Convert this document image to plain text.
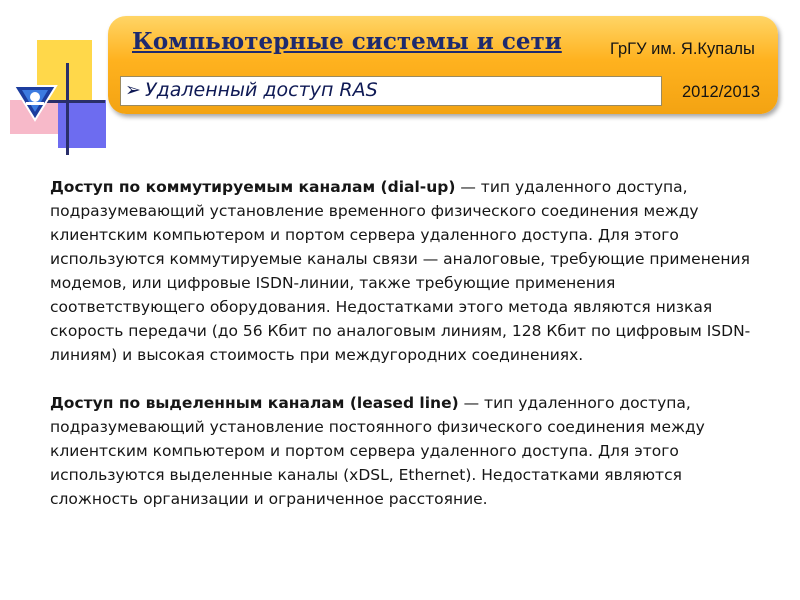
Компьютерные системы и сети	ГрГУ им. Я.Купалы
➢ Удаленный доступ RAS	2012/2013

Доступ по коммутируемым каналам (dial-up) — тип удаленного доступа, подразумевающий установление временного физического соединения между клиентским компьютером и портом сервера удаленного доступа. Для этого используются коммутируемые каналы связи — аналоговые, требующие применения модемов, или цифровые ISDN-линии, также требующие применения соответствующего оборудования. Недостатками этого метода являются низкая скорость передачи (до 56 Кбит по аналоговым линиям, 128 Кбит по цифровым ISDN-линиям) и высокая стоимость при междугородних соединениях.

Доступ по выделенным каналам (leased line) — тип удаленного доступа, подразумевающий установление постоянного физического соединения между клиентским компьютером и портом сервера удаленного доступа. Для этого используются выделенные каналы (xDSL, Ethernet). Недостатками являются сложность организации и ограниченное расстояние.
